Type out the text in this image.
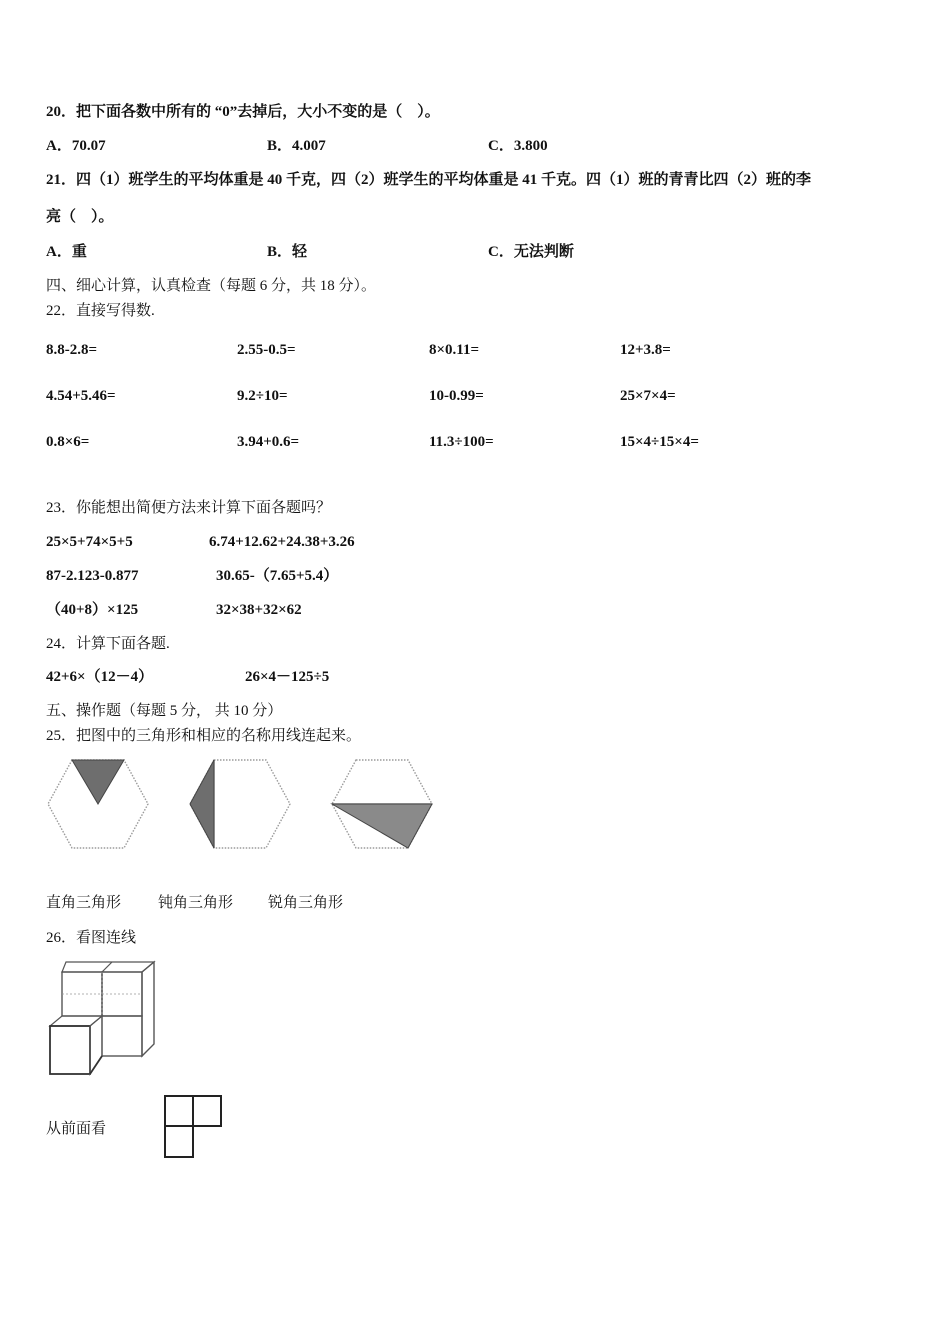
20．把下面各数中所有的 “0”去掉后，大小不变的是（　）。
A．70.07	B．4.007	C．3.800
21．四（1）班学生的平均体重是 40 千克，四（2）班学生的平均体重是 41 千克。四（1）班的青青比四（2）班的李
亮（　）。
A．重	B．轻	C．无法判断
四、细心计算，认真检查（每题 6 分，共 18 分）。
22．直接写得数.
8.8-2.8=	2.55-0.5=	8×0.11=	12+3.8=
4.54+5.46=	9.2÷10=	10-0.99=	25×7×4=
0.8×6=	3.94+0.6=	11.3÷100=	15×4÷15×4=
23．你能想出简便方法来计算下面各题吗？
25×5+74×5+5	6.74+12.62+24.38+3.26
87-2.123-0.877	30.65-（7.65+5.4）
（40+8）×125	32×38+32×62
24．计算下面各题.
42+6×（12－4）	26×4－125÷5
五、操作题（每题 5 分， 共 10 分）
25．把图中的三角形和相应的名称用线连起来。
直角三角形 钝角三角形 锐角三角形
26．看图连线
从前面看
